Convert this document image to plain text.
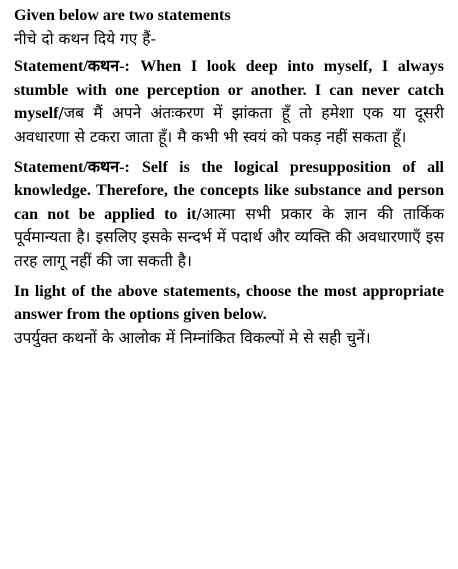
Given below are two statements
नीचे दो कथन दिये गए हैं-

Statement/कथन-: When I look deep into myself, I always stumble with one perception or another. I can never catch myself/जब मैं अपने अंतःकरण में झांकता हूँ तो हमेशा एक या दूसरी अवधारणा से टकरा जाता हूँ। मै कभी भी स्वयं को पकड़ नहीं सकता हूँ।

Statement/कथन-: Self is the logical presupposition of all knowledge. Therefore, the concepts like substance and person can not be applied to it/आत्मा सभी प्रकार के ज्ञान की तार्किक पूर्वमान्यता है। इसलिए इसके सन्दर्भ में पदार्थ और व्यक्ति की अवधारणाएँ इस तरह लागू नहीं की जा सकती है।

In light of the above statements, choose the most appropriate answer from the options given below.
उपर्युक्त कथनों के आलोक में निम्नांकित विकल्पों मे से सही चुनें।
